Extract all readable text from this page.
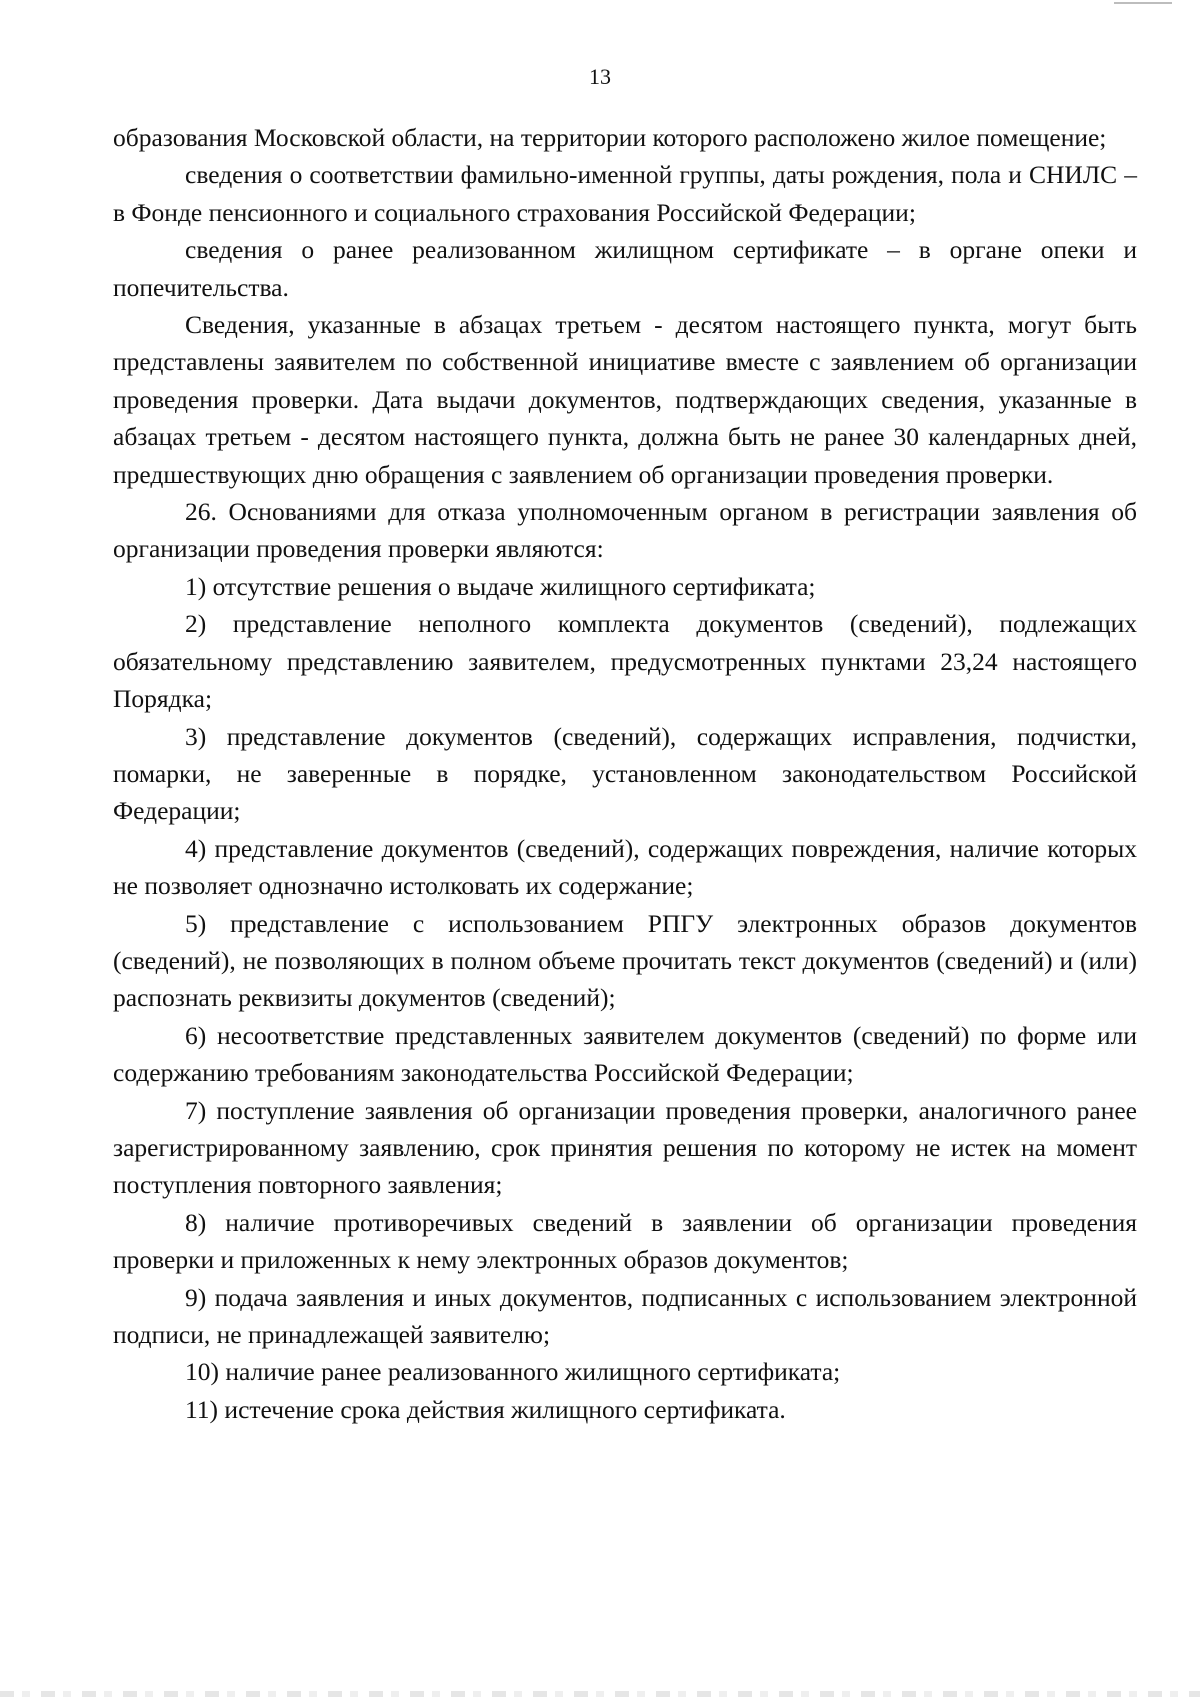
13

образования Московской области, на территории которого расположено жилое помещение;

сведения о соответствии фамильно-именной группы, даты рождения, пола и СНИЛС – в Фонде пенсионного и социального страхования Российской Федерации;

сведения о ранее реализованном жилищном сертификате – в органе опеки и попечительства.

Сведения, указанные в абзацах третьем - десятом настоящего пункта, могут быть представлены заявителем по собственной инициативе вместе с заявлением об организации проведения проверки. Дата выдачи документов, подтверждающих сведения, указанные в абзацах третьем - десятом настоящего пункта, должна быть не ранее 30 календарных дней, предшествующих дню обращения с заявлением об организации проведения проверки.

26. Основаниями для отказа уполномоченным органом в регистрации заявления об организации проведения проверки являются:

1) отсутствие решения о выдаче жилищного сертификата;

2) представление неполного комплекта документов (сведений), подлежащих обязательному представлению заявителем, предусмотренных пунктами 23,24 настоящего Порядка;

3) представление документов (сведений), содержащих исправления, подчистки, помарки, не заверенные в порядке, установленном законодательством Российской Федерации;

4) представление документов (сведений), содержащих повреждения, наличие которых не позволяет однозначно истолковать их содержание;

5) представление с использованием РПГУ электронных образов документов (сведений), не позволяющих в полном объеме прочитать текст документов (сведений) и (или) распознать реквизиты документов (сведений);

6) несоответствие представленных заявителем документов (сведений) по форме или содержанию требованиям законодательства Российской Федерации;

7) поступление заявления об организации проведения проверки, аналогичного ранее зарегистрированному заявлению, срок принятия решения по которому не истек на момент поступления повторного заявления;

8) наличие противоречивых сведений в заявлении об организации проведения проверки и приложенных к нему электронных образов документов;

9) подача заявления и иных документов, подписанных с использованием электронной подписи, не принадлежащей заявителю;

10) наличие ранее реализованного жилищного сертификата;

11) истечение срока действия жилищного сертификата.
